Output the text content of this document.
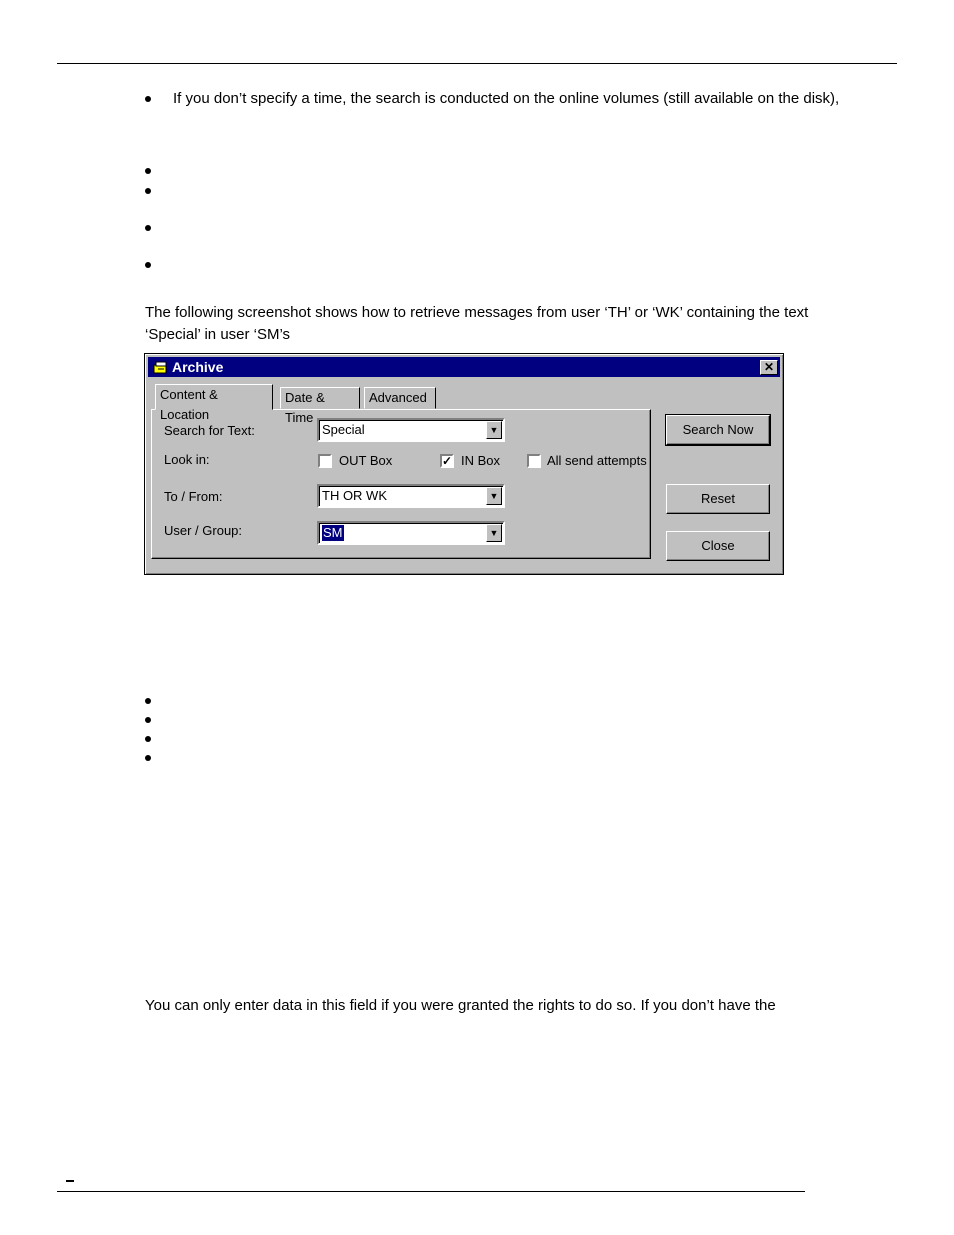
If you don’t specify a time, the search is conducted on the online volumes (still available on the disk),
The following screenshot shows how to retrieve messages from user ‘TH’ or ‘WK’ containing the text
‘Special’ in user ‘SM’s
Archive	✕
Content & Location
Date & Time
Advanced
Search for Text:	Special	▼
Look in:	OUT Box	✓ IN Box	All send attempts
To / From:	TH OR WK	▼
User / Group:	SM	▼
Search Now
Reset
Close
You can only enter data in this field if you were granted the rights to do so. If you don’t have the
